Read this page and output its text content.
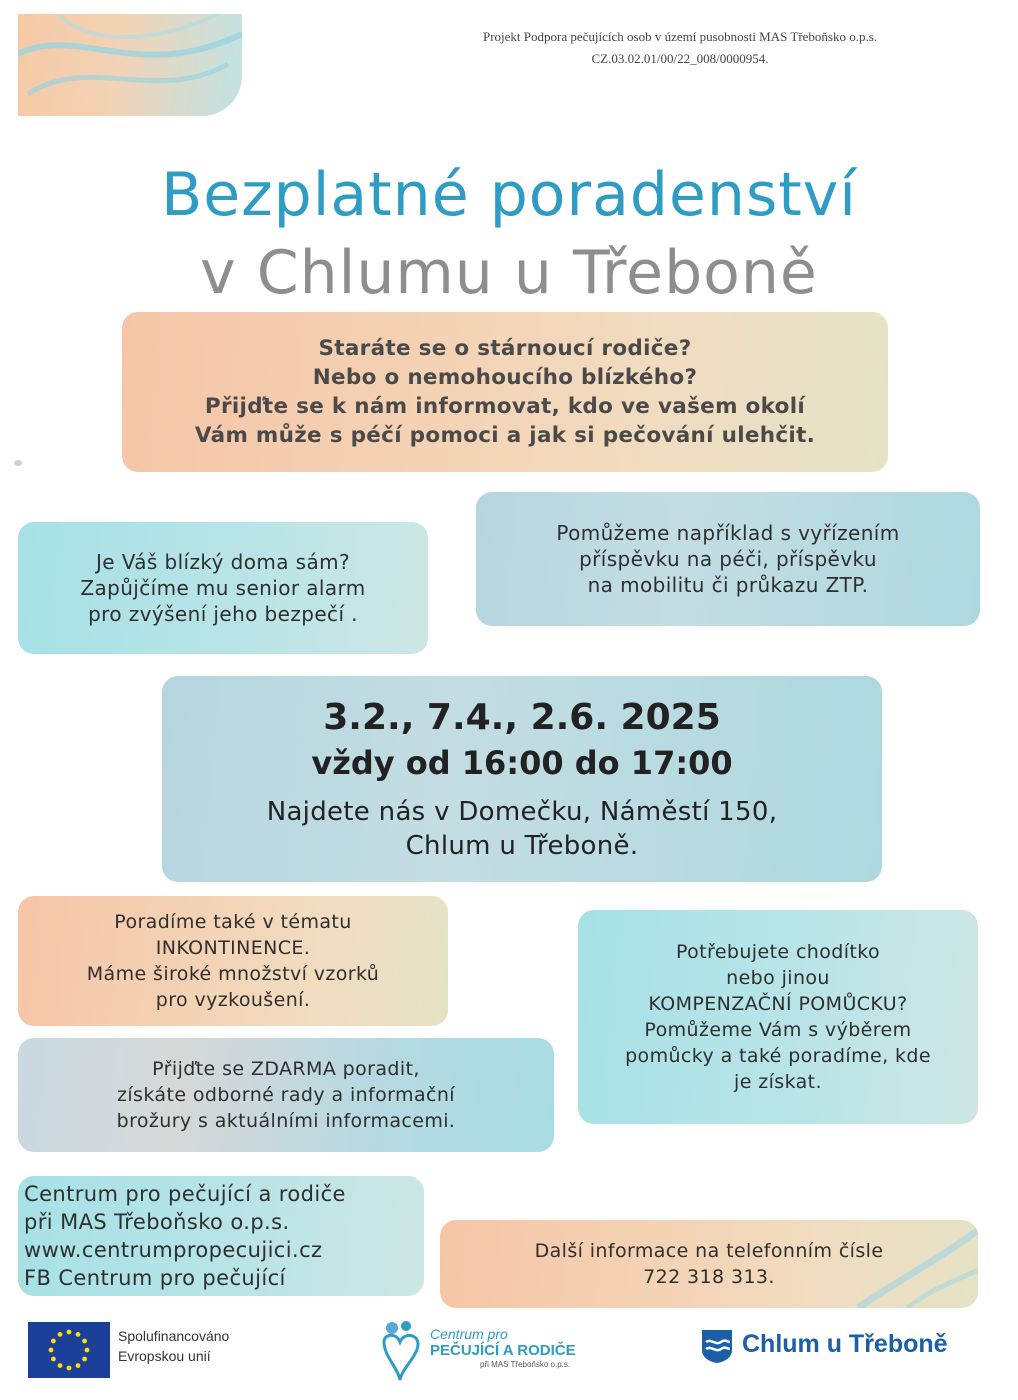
Projekt Podpora pečujících osob v území pusobnosti MAS Třeboňsko o.p.s.
CZ.03.02.01/00/22_008/0000954.
Bezplatné poradenství
v Chlumu u Třeboně
Staráte se o stárnoucí rodiče?
Nebo o nemohoucího blízkého?
Přijďte se k nám informovat, kdo ve vašem okolí
Vám může s péčí pomoci a jak si pečování ulehčit.
Je Váš blízký doma sám?
Zapůjčíme mu senior alarm
pro zvýšení jeho bezpečí .
Pomůžeme například s vyřízením
příspěvku na péči, příspěvku
na mobilitu či průkazu ZTP.
3.2., 7.4., 2.6. 2025
vždy od 16:00 do 17:00
Najdete nás v Domečku, Náměstí 150,
Chlum u Třeboně.
Poradíme také v tématu
INKONTINENCE.
Máme široké množství vzorků
pro vyzkoušení.
Potřebujete chodítko
nebo jinou
KOMPENZAČNÍ POMŮCKU?
Pomůžeme Vám s výběrem
pomůcky a také poradíme, kde
je získat.
Přijďte se ZDARMA poradit,
získáte odborné rady a informační
brožury s aktuálními informacemi.
Centrum pro pečující a rodiče
při MAS Třeboňsko o.p.s.
www.centrumpropecujici.cz
FB Centrum pro pečující
Další informace na telefonním čísle
722 318 313.
Spolufinancováno
Evropskou unií
Centrum pro
PEČUJÍCÍ A RODIČE
při MAS Třeboňsko o.p.s.
Chlum u Třeboně
